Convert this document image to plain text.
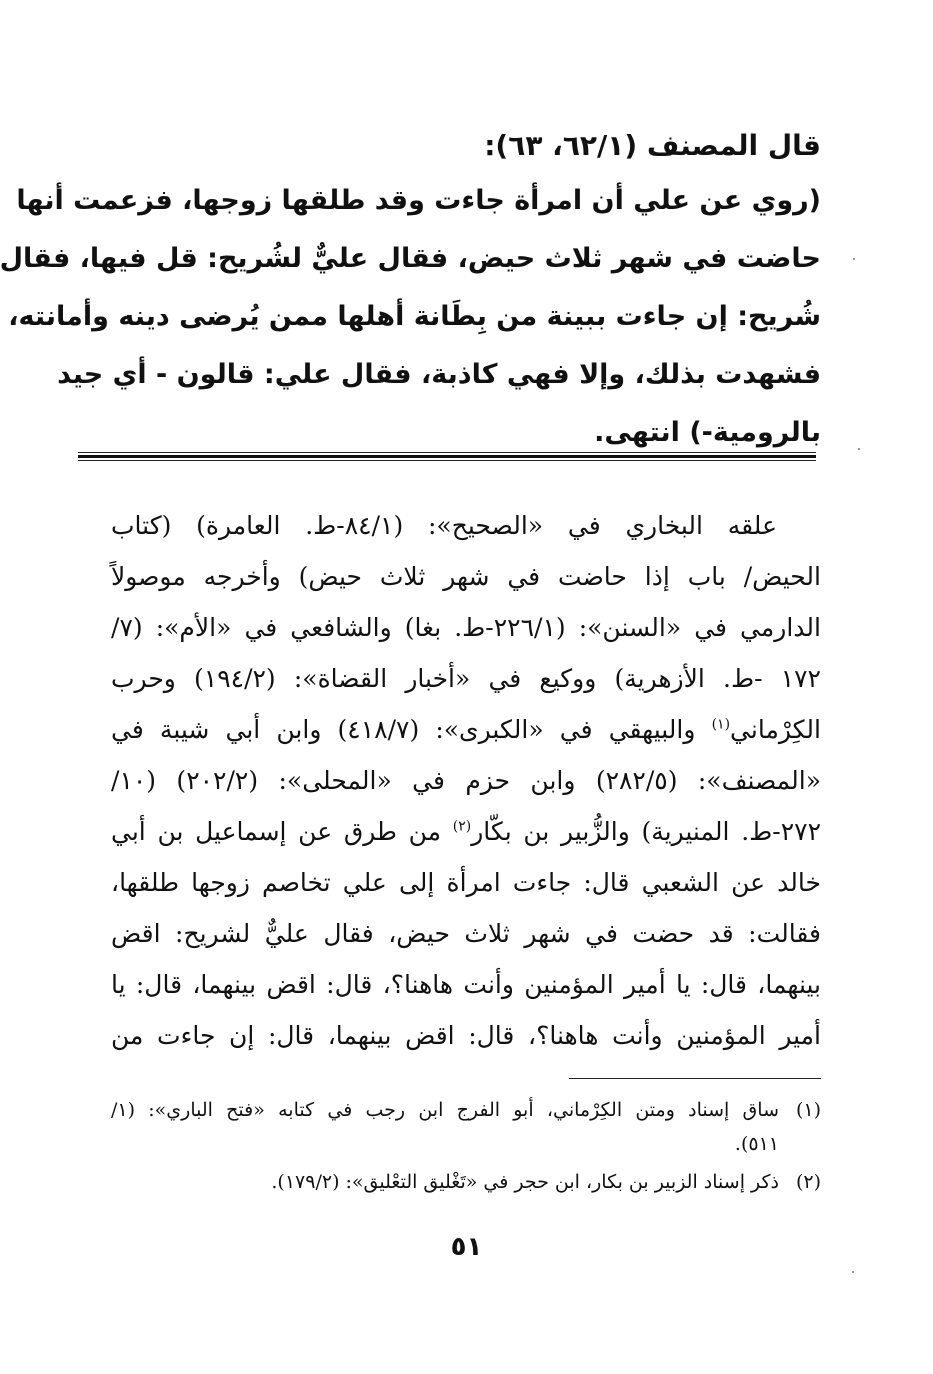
قال المصنف (٦٢/١، ٦٣):
(روي عن علي أن امرأة جاءت وقد طلقها زوجها، فزعمت أنها
حاضت في شهر ثلاث حيض، فقال عليٌّ لشُريح: قل فيها، فقال
شُريح: إن جاءت ببينة من بِطَانة أهلها ممن يُرضى دينه وأمانته،
فشهدت بذلك، وإلا فهي كاذبة، فقال علي: قالون - أي جيد
بالرومية-) انتهى.
علقه البخاري في «الصحيح»: (٨٤/١-ط. العامرة) (كتاب
الحيض/ باب إذا حاضت في شهر ثلاث حيض) وأخرجه موصولاً
الدارمي في «السنن»: (٢٢٦/١-ط. بغا) والشافعي في «الأم»: (٧/
١٧٢ -ط. الأزهرية) ووكيع في «أخبار القضاة»: (١٩٤/٢) وحرب
الكِرْماني$^{(١)}$ والبيهقي في «الكبرى»: (٤١٨/٧) وابن أبي شيبة في
«المصنف»: (٢٨٢/٥) وابن حزم في «المحلى»: (٢٠٢/٢) (١٠/
٢٧٢-ط. المنيرية) والزُّبير بن بكّار$^{(٢)}$ من طرق عن إسماعيل بن أبي
خالد عن الشعبي قال: جاءت امرأة إلى علي تخاصم زوجها طلقها،
فقالت: قد حضت في شهر ثلاث حيض، فقال عليٌّ لشريح: اقض
بينهما، قال: يا أمير المؤمنين وأنت هاهنا؟، قال: اقض بينهما، قال: يا
أمير المؤمنين وأنت هاهنا؟، قال: اقض بينهما، قال: إن جاءت من
(١)
ساق إسناد ومتن الكِرْماني، أبو الفرج ابن رجب في كتابه «فتح الباري»: (١/
٥١١).
(٢)
ذكر إسناد الزبير بن بكار، ابن حجر في «تَغْليق التعْليق»: (١٧٩/٢).
٥١
